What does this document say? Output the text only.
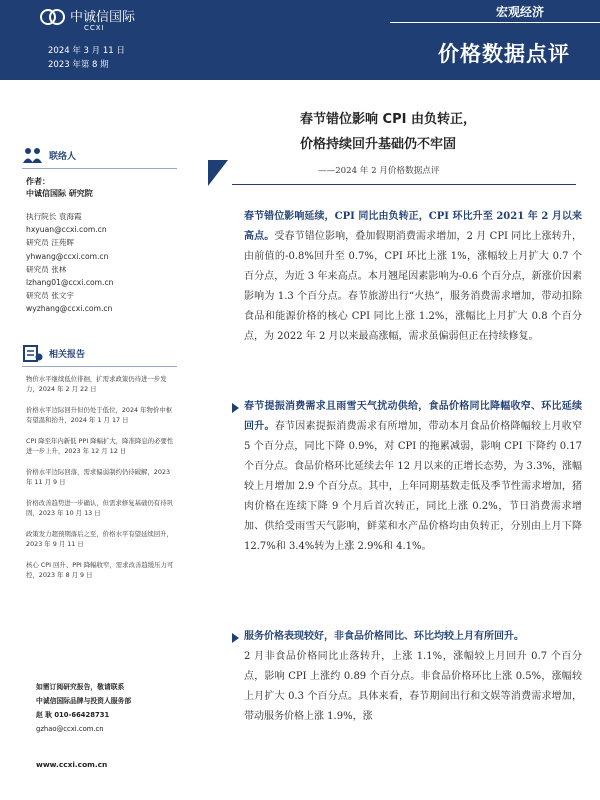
中诚信国际
CCXI
2024 年 3 月 11 日
2023 年第 8 期
联络人
作者：
中诚信国际 研究院
执行院长 袁海霞
hxyuan@ccxi.com.cn
研究员 汪苑晖
yhwang@ccxi.com.cn
研究员 张林
lzhang01@ccxi.com.cn
研究员 张文宇
wyzhang@ccxi.com.cn
相关报告
物价水平继续低位徘徊，扩需求政策仍待进一步发力，2024 年 2 月 22 日
价格水平边际回升但仍处于低位，2024 年物价中枢有望温和抬升，2024 年 1 月 17 日
CPI 降至年内新低 PPI 降幅扩大，降准降息的必要性进一步上升，2023 年 12 月 12 日
价格水平边际回落，需求偏弱制约仍待破解，2023 年 11 月 9 日
价格改善趋势进一步确认，但需求修复基础仍有待巩固，2023 年 10 月 13 日
政策发力超预期落后之至，价格水平有望延续回升，2023 年 9 月 11 日
核心 CPI 回升、PPI 降幅收窄，需求改善趋缓压力可控，2023 年 8 月 9 日
如需订阅研究报告，敬请联系
中诚信国际品牌与投资人服务部
赵 耿 010-66428731
gzhao@ccxi.com.cn
www.ccxi.com.cn
宏观经济
价格数据点评
春节错位影响 CPI 由负转正，
价格持续回升基础仍不牢固
——2024 年 2 月价格数据点评
春节错位影响延续，CPI 同比由负转正，CPI 环比升至 2021 年 2 月以来高点。受春节错位影响，叠加假期消费需求增加，2 月 CPI 同比上涨转升，由前值的-0.8%回升至 0.7%，CPI 环比上涨 1%，涨幅较上月扩大 0.7 个百分点，为近 3 年来高点。本月翘尾因素影响为-0.6 个百分点，新涨价因素影响为 1.3 个百分点。春节旅游出行“火热”，服务消费需求增加，带动扣除食品和能源价格的核心 CPI 同比上涨 1.2%，涨幅比上月扩大 0.8 个百分点，为 2022 年 2 月以来最高涨幅，需求虽偏弱但正在持续修复。
春节提振消费需求且雨雪天气扰动供给，食品价格同比降幅收窄、环比延续回升。春节因素提振消费需求有所增加，带动本月食品价格降幅较上月收窄 5 个百分点，同比下降 0.9%，对 CPI 的拖累减弱，影响 CPI 下降约 0.17 个百分点。食品价格环比延续去年 12 月以来的正增长态势，为 3.3%，涨幅较上月增加 2.9 个百分点。其中，上年同期基数走低及季节性需求增加，猪肉价格在连续下降 9 个月后首次转正，同比上涨 0.2%，节日消费需求增加、供给受雨雪天气影响，鲜菜和水产品价格均由负转正，分别由上月下降 12.7%和 3.4%转为上涨 2.9%和 4.1%。
服务价格表现较好，非食品价格同比、环比均较上月有所回升。
2 月非食品价格同比止落转升，上涨 1.1%，涨幅较上月回升 0.7 个百分点，影响 CPI 上涨约 0.89 个百分点。非食品价格环比上涨 0.5%，涨幅较上月扩大 0.3 个百分点。具体来看，春节期间出行和文娱等消费需求增加，带动服务价格上涨 1.9%，涨
